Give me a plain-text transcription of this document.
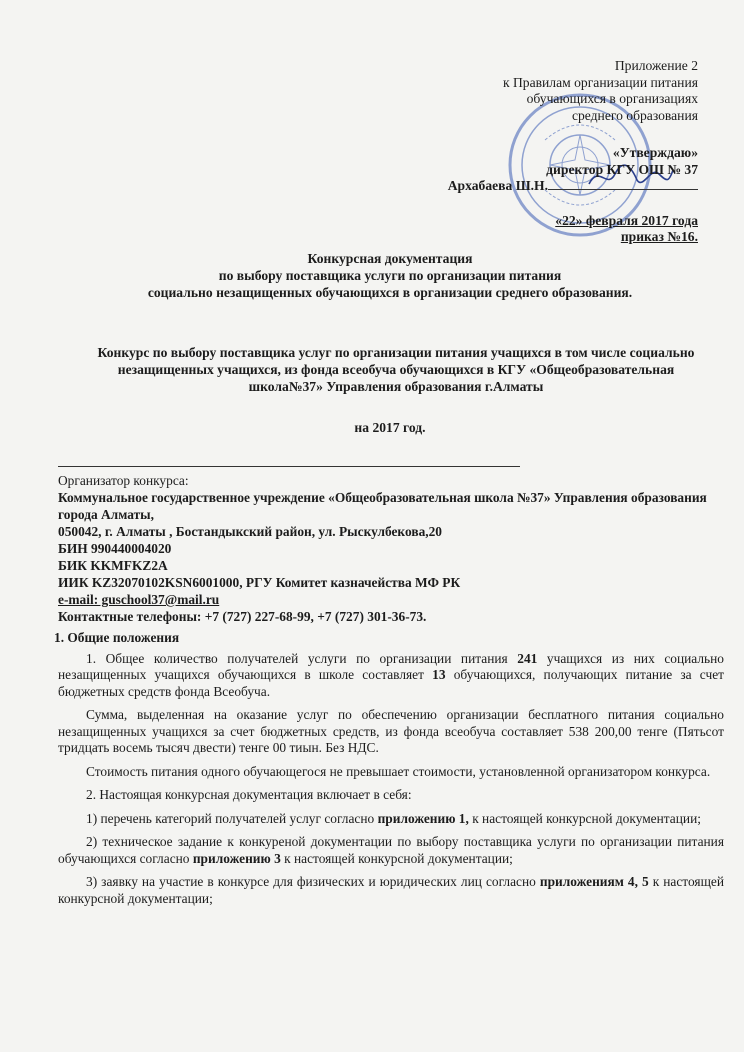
Приложение 2
к Правилам организации питания
обучающихся в организациях
среднего образования
«Утверждаю»
директор КГУ ОШ № 37
Архабаева Ш.Н.
«22» февраля 2017 года
приказ №16.
Конкурсная документация
по выбору поставщика услуги по организации питания
социально незащищенных обучающихся в организации среднего образования.
Конкурс по выбору поставщика услуг по организации питания учащихся в том числе социально
незащищенных учащихся, из фонда всеобуча обучающихся в КГУ «Общеобразовательная
школа№37» Управления образования г.Алматы
на 2017 год.
Организатор конкурса:
Коммунальное государственное учреждение «Общеобразовательная школа №37» Управления образования города Алматы,
050042, г. Алматы , Бостандыкский район, ул. Рыскулбекова,20
БИН 990440004020
БИК KKMFKZ2A
ИИК KZ32070102KSN6001000, РГУ Комитет казначейства МФ РК
e-mail: guschool37@mail.ru
Контактные телефоны: +7 (727) 227-68-99, +7 (727) 301-36-73.
1. Общие положения

1. Общее количество получателей услуги по организации питания 241 учащихся из них социально незащищенных учащихся обучающихся в школе составляет 13 обучающихся, получающих питание за счет бюджетных средств фонда Всеобуча.

Сумма, выделенная на оказание услуг по обеспечению организации бесплатного питания социально незащищенных учащихся за счет бюджетных средств, из фонда всеобуча составляет 538 200,00 тенге (Пятьсот тридцать восемь тысяч двести) тенге 00 тиын. Без НДС.

Стоимость питания одного обучающегося не превышает стоимости, установленной организатором конкурса.

2. Настоящая конкурсная документация включает в себя:

1) перечень категорий получателей услуг согласно приложению 1, к настоящей конкурсной документации;

2) техническое задание к конкуреной документации по выбору поставщика услуги по организации питания обучающихся согласно приложению 3 к настоящей конкурсной документации;

3) заявку на участие в конкурсе для физических и юридических лиц согласно приложениям 4, 5 к настоящей конкурсной документации;
